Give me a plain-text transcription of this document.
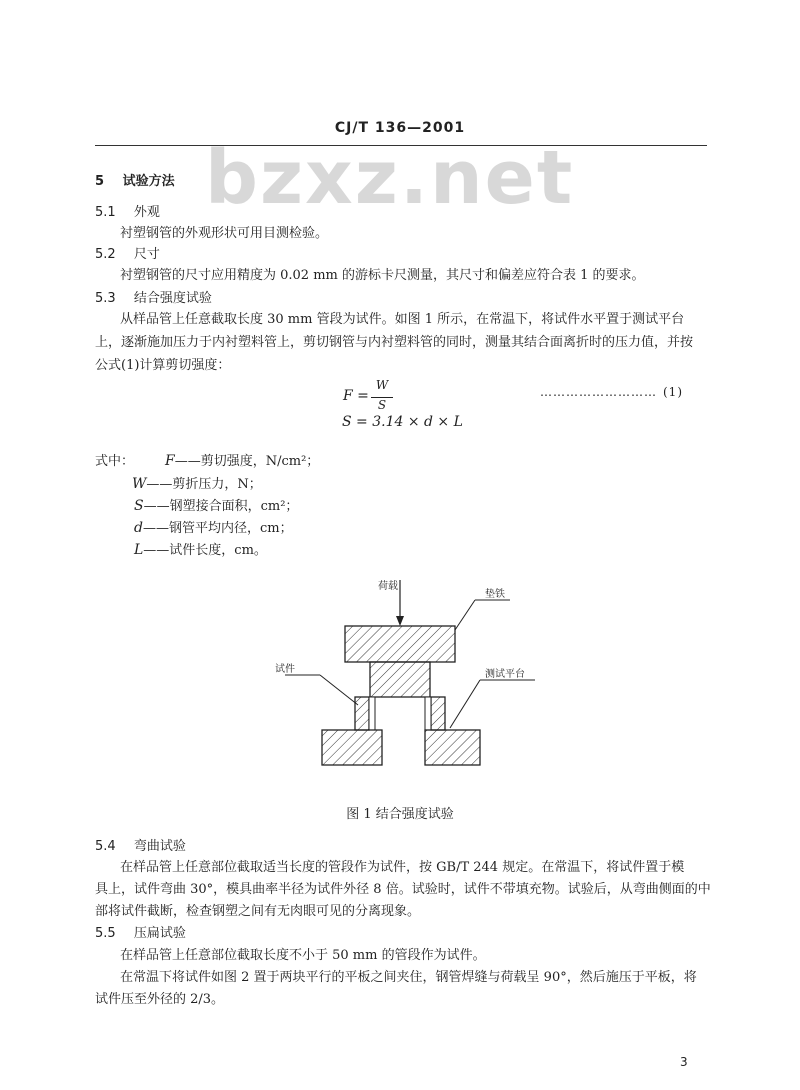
bzxz.net
CJ/T 136—2001
5 试验方法
5.1 外观
衬塑钢管的外观形状可用目测检验。
5.2 尺寸
衬塑钢管的尺寸应用精度为 0.02 mm 的游标卡尺测量，其尺寸和偏差应符合表 1 的要求。
5.3 结合强度试验
从样品管上任意截取长度 30 mm 管段为试件。如图 1 所示，在常温下，将试件水平置于测试平台
上，逐渐施加压力于内衬塑料管上，剪切钢管与内衬塑料管的同时，测量其结合面离折时的压力值，并按
公式(1)计算剪切强度：
F =
W
S
……………………… (1)
S = 3.14 × d × L
式中： F——剪切强度，N/cm²；
W——剪折压力，N；
S——钢塑接合面积，cm²；
d——钢管平均内径，cm；
L——试件长度，cm。
荷载
垫铁
试件	测试平台
图 1 结合强度试验
5.4 弯曲试验
在样品管上任意部位截取适当长度的管段作为试件，按 GB/T 244 规定。在常温下，将试件置于模
具上，试件弯曲 30°，模具曲率半径为试件外径 8 倍。试验时，试件不带填充物。试验后，从弯曲侧面的中
部将试件截断，检查钢塑之间有无肉眼可见的分离现象。
5.5 压扁试验
在样品管上任意部位截取长度不小于 50 mm 的管段作为试件。
在常温下将试件如图 2 置于两块平行的平板之间夹住，钢管焊缝与荷载呈 90°，然后施压于平板，将
试件压至外径的 2/3。
3
